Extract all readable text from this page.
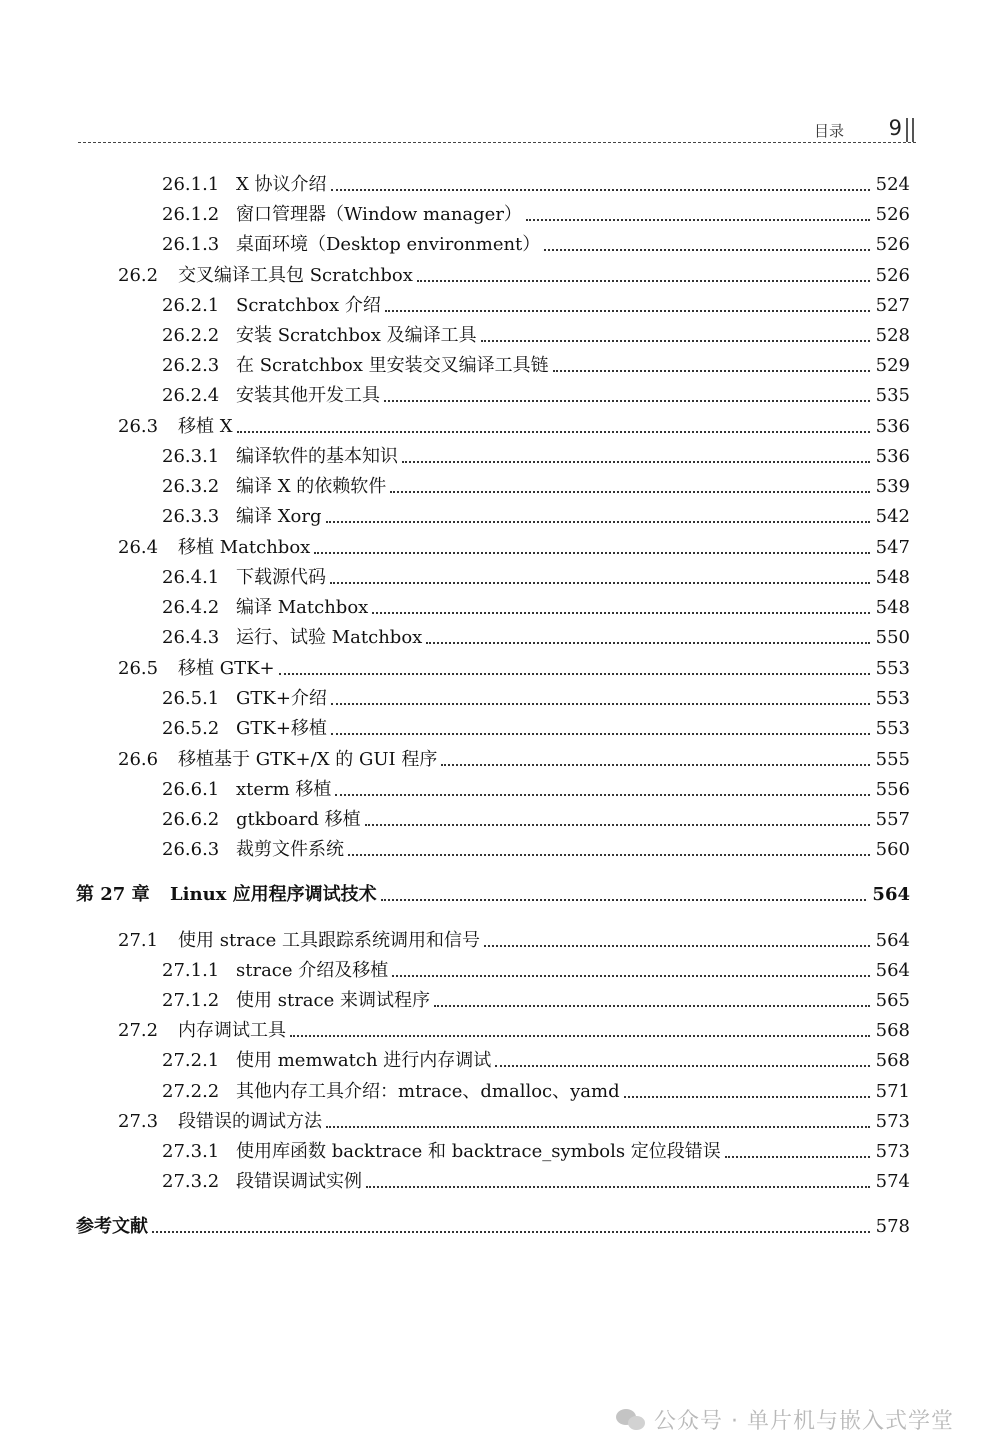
目录 9
26.1.1 X 协议介绍	524
26.1.2 窗口管理器（Window manager）	526
26.1.3 桌面环境（Desktop environment）	526
26.2	交叉编译工具包 Scratchbox	526
26.2.1 Scratchbox 介绍	527
26.2.2 安装 Scratchbox 及编译工具	528
26.2.3 在 Scratchbox 里安装交叉编译工具链	529
26.2.4 安装其他开发工具	535
26.3	移植 X	536
26.3.1 编译软件的基本知识	536
26.3.2 编译 X 的依赖软件	539
26.3.3 编译 Xorg	542
26.4	移植 Matchbox	547
26.4.1 下载源代码	548
26.4.2 编译 Matchbox	548
26.4.3 运行、试验 Matchbox	550
26.5	移植 GTK+	553
26.5.1 GTK+介绍	553
26.5.2 GTK+移植	553
26.6	移植基于 GTK+/X 的 GUI 程序	555
26.6.1 xterm 移植	556
26.6.2 gtkboard 移植	557
26.6.3 裁剪文件系统	560
第 27 章	Linux 应用程序调试技术	564
27.1	使用 strace 工具跟踪系统调用和信号	564
27.1.1 strace 介绍及移植	564
27.1.2 使用 strace 来调试程序	565
27.2	内存调试工具	568
27.2.1 使用 memwatch 进行内存调试	568
27.2.2 其他内存工具介绍：mtrace、dmalloc、yamd	571
27.3	段错误的调试方法	573
27.3.1 使用库函数 backtrace 和 backtrace_symbols 定位段错误	573
27.3.2 段错误调试实例	574
参考文献	578
公众号 · 单片机与嵌入式学堂
